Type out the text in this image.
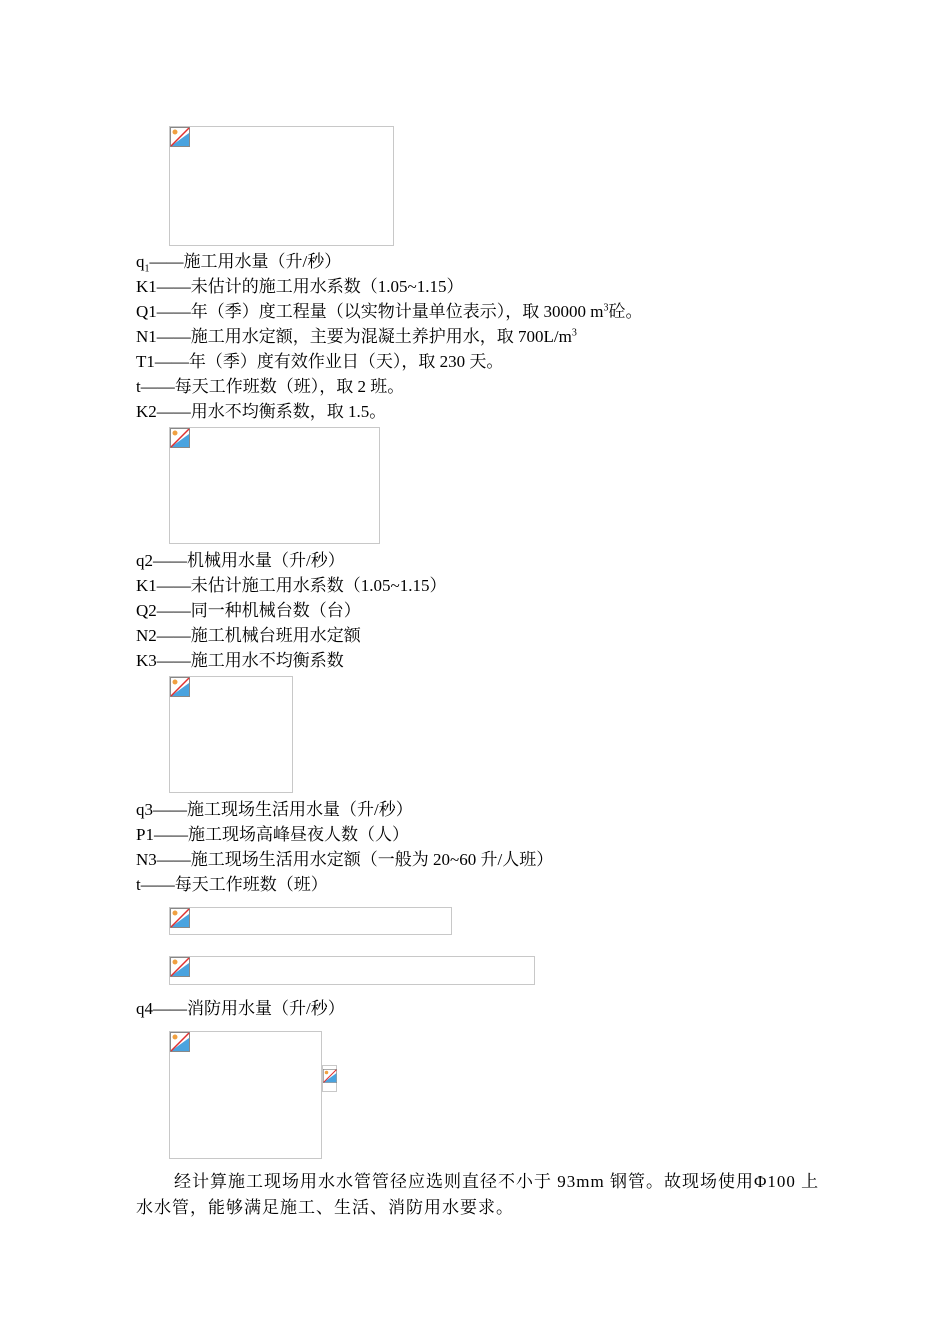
$q_1——$施工用水量（升/秒）
K1——未估计的施工用水系数（1.05~1.15）
Q1——年（季）度工程量（以实物计量单位表示），取 30000 $m^3$砼。
N1——施工用水定额，主要为混凝土养护用水，取 $700L/m^3$
T1——年（季）度有效作业日（天），取 230 天。
t——每天工作班数（班），取 2 班。
K2——用水不均衡系数，取 1.5。
q2——机械用水量（升/秒）
K1——未估计施工用水系数（1.05~1.15）
Q2——同一种机械台数（台）
N2——施工机械台班用水定额
K3——施工用水不均衡系数
q3——施工现场生活用水量（升/秒）
P1——施工现场高峰昼夜人数（人）
N3——施工现场生活用水定额（一般为 20~60 升/人班）
t——每天工作班数（班）
q4——消防用水量（升/秒）
经计算施工现场用水水管管径应选则直径不小于 93mm 钢管。故现场使用Φ100 上水水管，能够满足施工、生活、消防用水要求。
